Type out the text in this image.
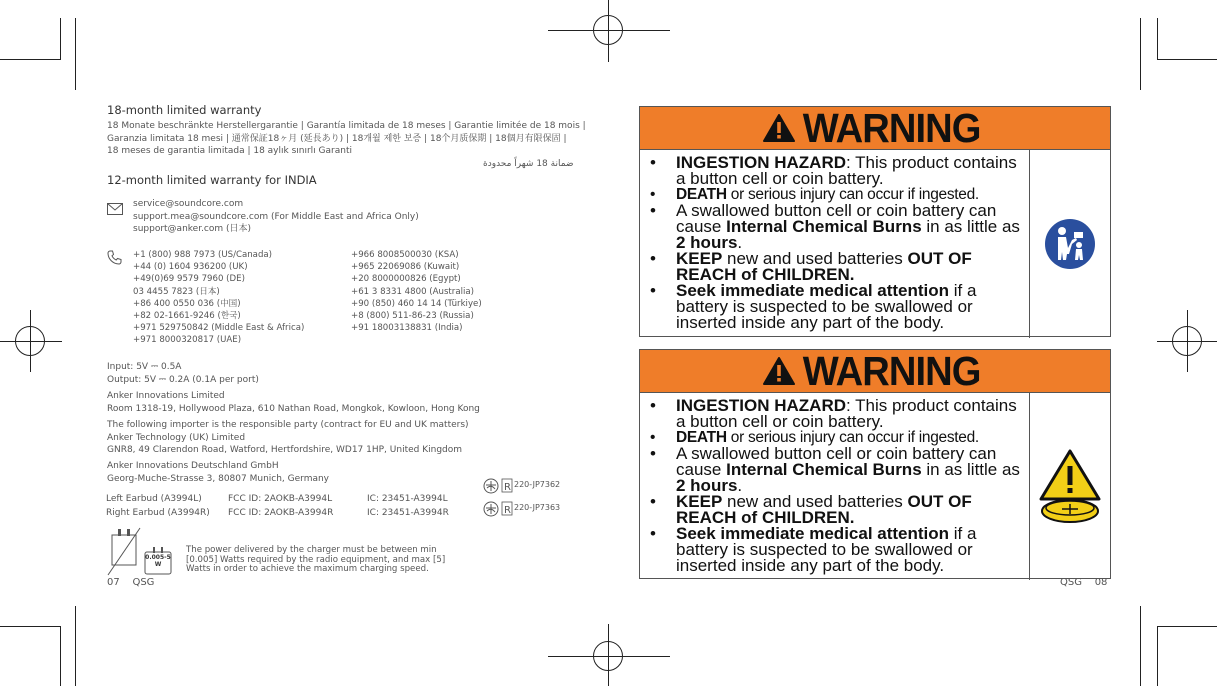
18-month limited warranty
18 Monate beschränkte Herstellergarantie | Garantía limitada de 18 meses | Garantie limitée de 18 mois |
Garanzia limitata 18 mesi | 通常保証18ヶ月 (延長あり) | 18개월 제한 보증 | 18个月质保期 | 18個月有限保固 |
18 meses de garantia limitada | 18 aylık sınırlı Garanti
ضمانة 18 شهراً محدودة
12-month limited warranty for INDIA
service@soundcore.com
support.mea@soundcore.com (For Middle East and Africa Only)
support@anker.com (日本)
+1 (800) 988 7973 (US/Canada)
+44 (0) 1604 936200 (UK)
+49(0)69 9579 7960 (DE)
03 4455 7823 (日本)
+86 400 0550 036 (中国)
+82 02-1661-9246 (한국)
+971 529750842 (Middle East & Africa)
+971 8000320817 (UAE)
+966 8008500030 (KSA)
+965 22069086 (Kuwait)
+20 8000000826 (Egypt)
+61 3 8331 4800 (Australia)
+90 (850) 460 14 14 (Türkiye)
+8 (800) 511-86-23 (Russia)
+91 18003138831 (India)
Input: 5V ⎓ 0.5A
Output: 5V ⎓ 0.2A (0.1A per port)
Anker Innovations Limited
Room 1318-19, Hollywood Plaza, 610 Nathan Road, Mongkok, Kowloon, Hong Kong
The following importer is the responsible party (contract for EU and UK matters)
Anker Technology (UK) Limited
GNR8, 49 Clarendon Road, Watford, Hertfordshire, WD17 1HP, United Kingdom
Anker Innovations Deutschland GmbH
Georg-Muche-Strasse 3, 80807 Munich, Germany
Left Earbud (A3994L)	FCC ID: 2AOKB-A3994L	IC: 23451-A3994L
Right Earbud (A3994R) FCC ID: 2AOKB-A3994R	IC: 23451-A3994R
R 220-JP7362
R 220-JP7363
0.005-5 W
The power delivered by the charger must be between min
[0.005] Watts required by the radio equipment, and max [5]
Watts in order to achieve the maximum charging speed.
07 QSG
WARNING
• INGESTION HAZARD: This product contains a button cell or coin battery.
• DEATH or serious injury can occur if ingested.
• A swallowed button cell or coin battery can cause Internal Chemical Burns in as little as 2 hours.
• KEEP new and used batteries OUT OF REACH of CHILDREN.
• Seek immediate medical attention if a battery is suspected to be swallowed or inserted inside any part of the body.
WARNING
• INGESTION HAZARD: This product contains a button cell or coin battery.
• DEATH or serious injury can occur if ingested.
• A swallowed button cell or coin battery can cause Internal Chemical Burns in as little as 2 hours.
• KEEP new and used batteries OUT OF REACH of CHILDREN.
• Seek immediate medical attention if a battery is suspected to be swallowed or inserted inside any part of the body.
QSG 08
